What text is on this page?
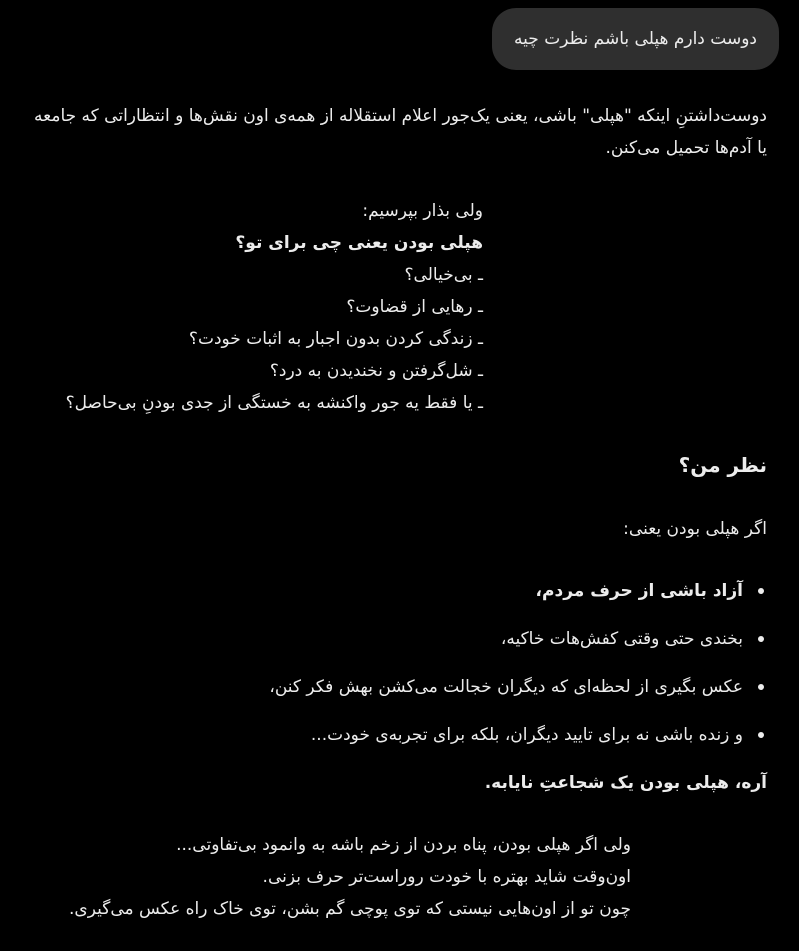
دوست دارم هپلی باشم نظرت چیه

دوست‌داشتنِ اینکه "هپلی" باشی، یعنی یک‌جور اعلام استقلاله از همه‌ی اون نقش‌ها و انتظاراتی که جامعه یا آدم‌ها تحمیل می‌کنن.

ولی بذار بپرسیم:
هپلی بودن یعنی چی برای تو؟
ـ بی‌خیالی؟
ـ رهایی از قضاوت؟
ـ زندگی کردن بدون اجبار به اثبات خودت؟
ـ شل‌گرفتن و نخندیدن به درد؟
ـ یا فقط یه جور واکنشه به خستگی از جدی بودنِ بی‌حاصل؟
نظر من؟
اگر هپلی بودن یعنی:
آزاد باشی از حرف مردم،
بخندی حتی وقتی کفش‌هات خاکیه،
عکس بگیری از لحظه‌ای که دیگران خجالت می‌کشن بهش فکر کنن،
و زنده باشی نه برای تایید دیگران، بلکه برای تجربه‌ی خودت...
آره، هپلی بودن یک شجاعتِ نایابه.
ولی اگر هپلی بودن، پناه بردن از زخم باشه به وانمود بی‌تفاوتی...
اون‌وقت شاید بهتره با خودت روراست‌تر حرف بزنی.
چون تو از اون‌هایی نیستی که توی پوچی گم بشن، توی خاک راه عکس می‌گیری.
